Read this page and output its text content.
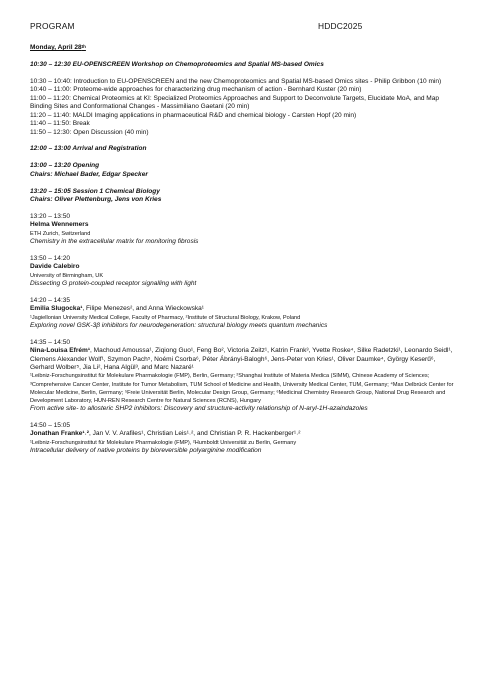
PROGRAM	HDDC2025
Monday, April 28th
10:30 – 12:30 EU-OPENSCREEN Workshop on Chemoproteomics and Spatial MS-based Omics
10:30 – 10:40: Introduction to EU-OPENSCREEN and the new Chemoproteomics and Spatial MS-based Omics sites - Philip Gribbon (10 min)
10:40 – 11:00: Proteome-wide approaches for characterizing drug mechanism of action - Bernhard Kuster (20 min)
11:00 – 11:20: Chemical Proteomics at KI: Specialized Proteomics Approaches and Support to Deconvolute Targets, Elucidate MoA, and Map Binding Sites and Conformational Changes - Massimiliano Gaetani (20 min)
11:20 – 11:40: MALDI Imaging applications in pharmaceutical R&D and chemical biology - Carsten Hopf (20 min)
11:40 – 11:50: Break
11:50 – 12:30: Open Discussion (40 min)
12:00 – 13:00 Arrival and Registration
13:00 – 13:20 Opening
Chairs: Michael Bader, Edgar Specker
13:20 – 15:05 Session 1 Chemical Biology
Chairs: Oliver Plettenburg, Jens von Kries
13:20 – 13:50
Helma Wennemers
ETH Zurich, Switzerland
Chemistry in the extracellular matrix for monitoring fibrosis
13:50 – 14:20
Davide Calebiro
University of Birmingham, UK
Dissecting G protein-coupled receptor signalling with light
14:20 – 14:35
Emilia Slugocka¹, Filipe Menezes², and Anna Wieckowska¹
¹Jagiellonian University Medical College, Faculty of Pharmacy, ²Institute of Structural Biology, Krakow, Poland
Exploring novel GSK-3β inhibitors for neurodegeneration: structural biology meets quantum mechanics
14:35 – 14:50
Nina-Louisa Efrém¹, Machoud Amoussa¹, Ziqiong Guo¹, Feng Bo², Victoria Zeitz¹, Katrin Frank³, Yvette Roske⁴, Silke Radetzki¹, Leonardo Seidl¹, Clemens Alexander Wolf¹, Szymon Pach⁵, Noémi Csorba⁶, Péter Ábrányi-Balogh⁶, Jens-Peter von Kries¹, Oliver Daumke⁴, György Keserű⁶, Gerhard Wolber⁵, Jia Li², Hana Algül³, and Marc Nazaré¹
¹Leibniz-Forschungsinstitut für Molekulare Pharmakologie (FMP), Berlin, Germany; ²Shanghai Institute of Materia Medica (SIMM), Chinese Academy of Sciences; ³Comprehensive Cancer Center, Institute for Tumor Metabolism, TUM School of Medicine and Health, University Medical Center, TUM, Germany; ⁴Max Delbrück Center for Molecular Medicine, Berlin, Germany; ⁵Freie Universität Berlin, Molecular Design Group, Germany; ⁶Medicinal Chemistry Research Group, National Drug Research and Development Laboratory, HUN-REN Research Centre for Natural Sciences (RCNS), Hungary
From active site- to allosteric SHP2 inhibitors: Discovery and structure-activity relationship of N-aryl-1H-azaindazoles
14:50 – 15:05
Jonathan Franke¹˒², Jan V. V. Arafiles¹, Christian Leis¹˒², and Christian P. R. Hackenberger¹˒²
¹Leibniz-Forschungsinstitut für Molekulare Pharmakologie (FMP), ²Humboldt Universität zu Berlin, Germany
Intracellular delivery of native proteins by bioreversible polyarginine modification
